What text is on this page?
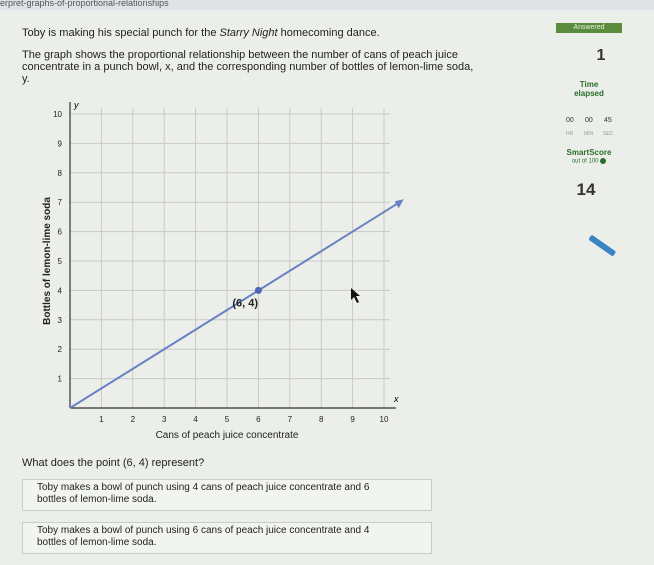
erpret-graphs-of-proportional-relationships

Toby is making his special punch for the Starry Night homecoming dance.

The graph shows the proportional relationship between the number of cans of peach juice

concentrate in a punch bowl, x, and the corresponding number of bottles of lemon-lime soda,

y.

x
y
1	2	3	4	5	6	7	8	9	10
1
2
3
4
5
6
7
8
9
10
Cans of peach juice concentrate
Bottles of lemon-lime soda	(6, 4)

What does the point (6, 4) represent?

Toby makes a bowl of punch using 4 cans of peach juice concentrate and 6
bottles of lemon-lime soda.
Toby makes a bowl of punch using 6 cans of peach juice concentrate and 4
bottles of lemon-lime soda.
Answered
1
Time
elapsed
00 00 45
HR MIN SEC
SmartScore
out of 100
14
